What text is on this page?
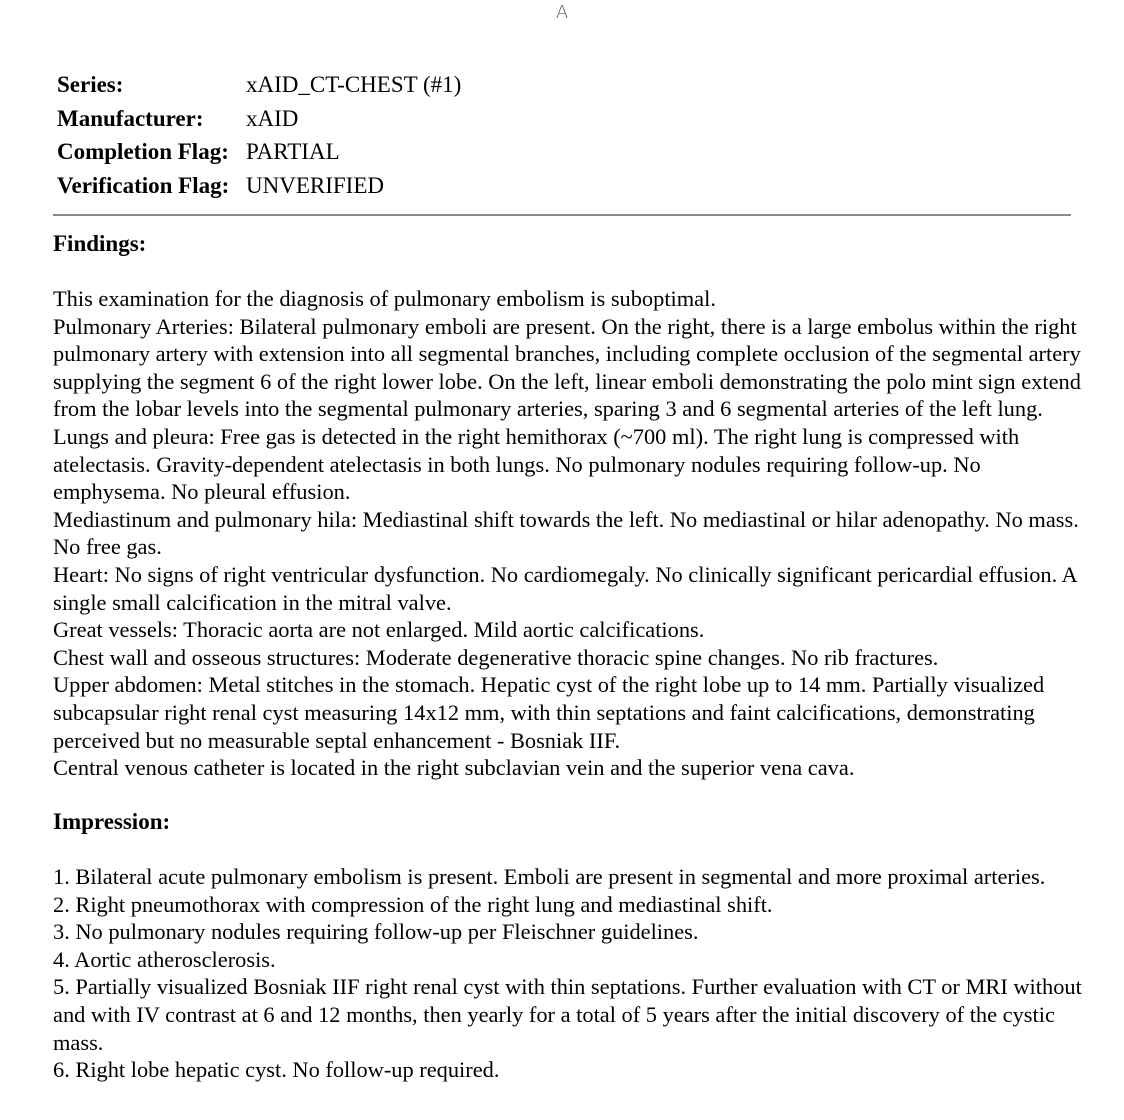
A
Series:	xAID_CT-CHEST (#1)
Manufacturer:	xAID
Completion Flag:	PARTIAL
Verification Flag:	UNVERIFIED

Findings:

This examination for the diagnosis of pulmonary embolism is suboptimal.

Pulmonary Arteries: Bilateral pulmonary emboli are present. On the right, there is a large embolus within the right pulmonary artery with extension into all segmental branches, including complete occlusion of the segmental artery supplying the segment 6 of the right lower lobe. On the left, linear emboli demonstrating the polo mint sign extend from the lobar levels into the segmental pulmonary arteries, sparing 3 and 6 segmental arteries of the left lung.

Lungs and pleura: Free gas is detected in the right hemithorax (~700 ml). The right lung is compressed with atelectasis. Gravity-dependent atelectasis in both lungs. No pulmonary nodules requiring follow-up. No emphysema. No pleural effusion.

Mediastinum and pulmonary hila: Mediastinal shift towards the left. No mediastinal or hilar adenopathy. No mass. No free gas.

Heart: No signs of right ventricular dysfunction. No cardiomegaly. No clinically significant pericardial effusion. A single small calcification in the mitral valve.

Great vessels: Thoracic aorta are not enlarged. Mild aortic calcifications.

Chest wall and osseous structures: Moderate degenerative thoracic spine changes. No rib fractures.

Upper abdomen: Metal stitches in the stomach. Hepatic cyst of the right lobe up to 14 mm. Partially visualized subcapsular right renal cyst measuring 14x12 mm, with thin septations and faint calcifications, demonstrating perceived but no measurable septal enhancement - Bosniak IIF.

Central venous catheter is located in the right subclavian vein and the superior vena cava.

Impression:

1. Bilateral acute pulmonary embolism is present. Emboli are present in segmental and more proximal arteries.

2. Right pneumothorax with compression of the right lung and mediastinal shift.

3. No pulmonary nodules requiring follow-up per Fleischner guidelines.

4. Aortic atherosclerosis.

5. Partially visualized Bosniak IIF right renal cyst with thin septations. Further evaluation with CT or MRI without and with IV contrast at 6 and 12 months, then yearly for a total of 5 years after the initial discovery of the cystic mass.

6. Right lobe hepatic cyst. No follow-up required.
